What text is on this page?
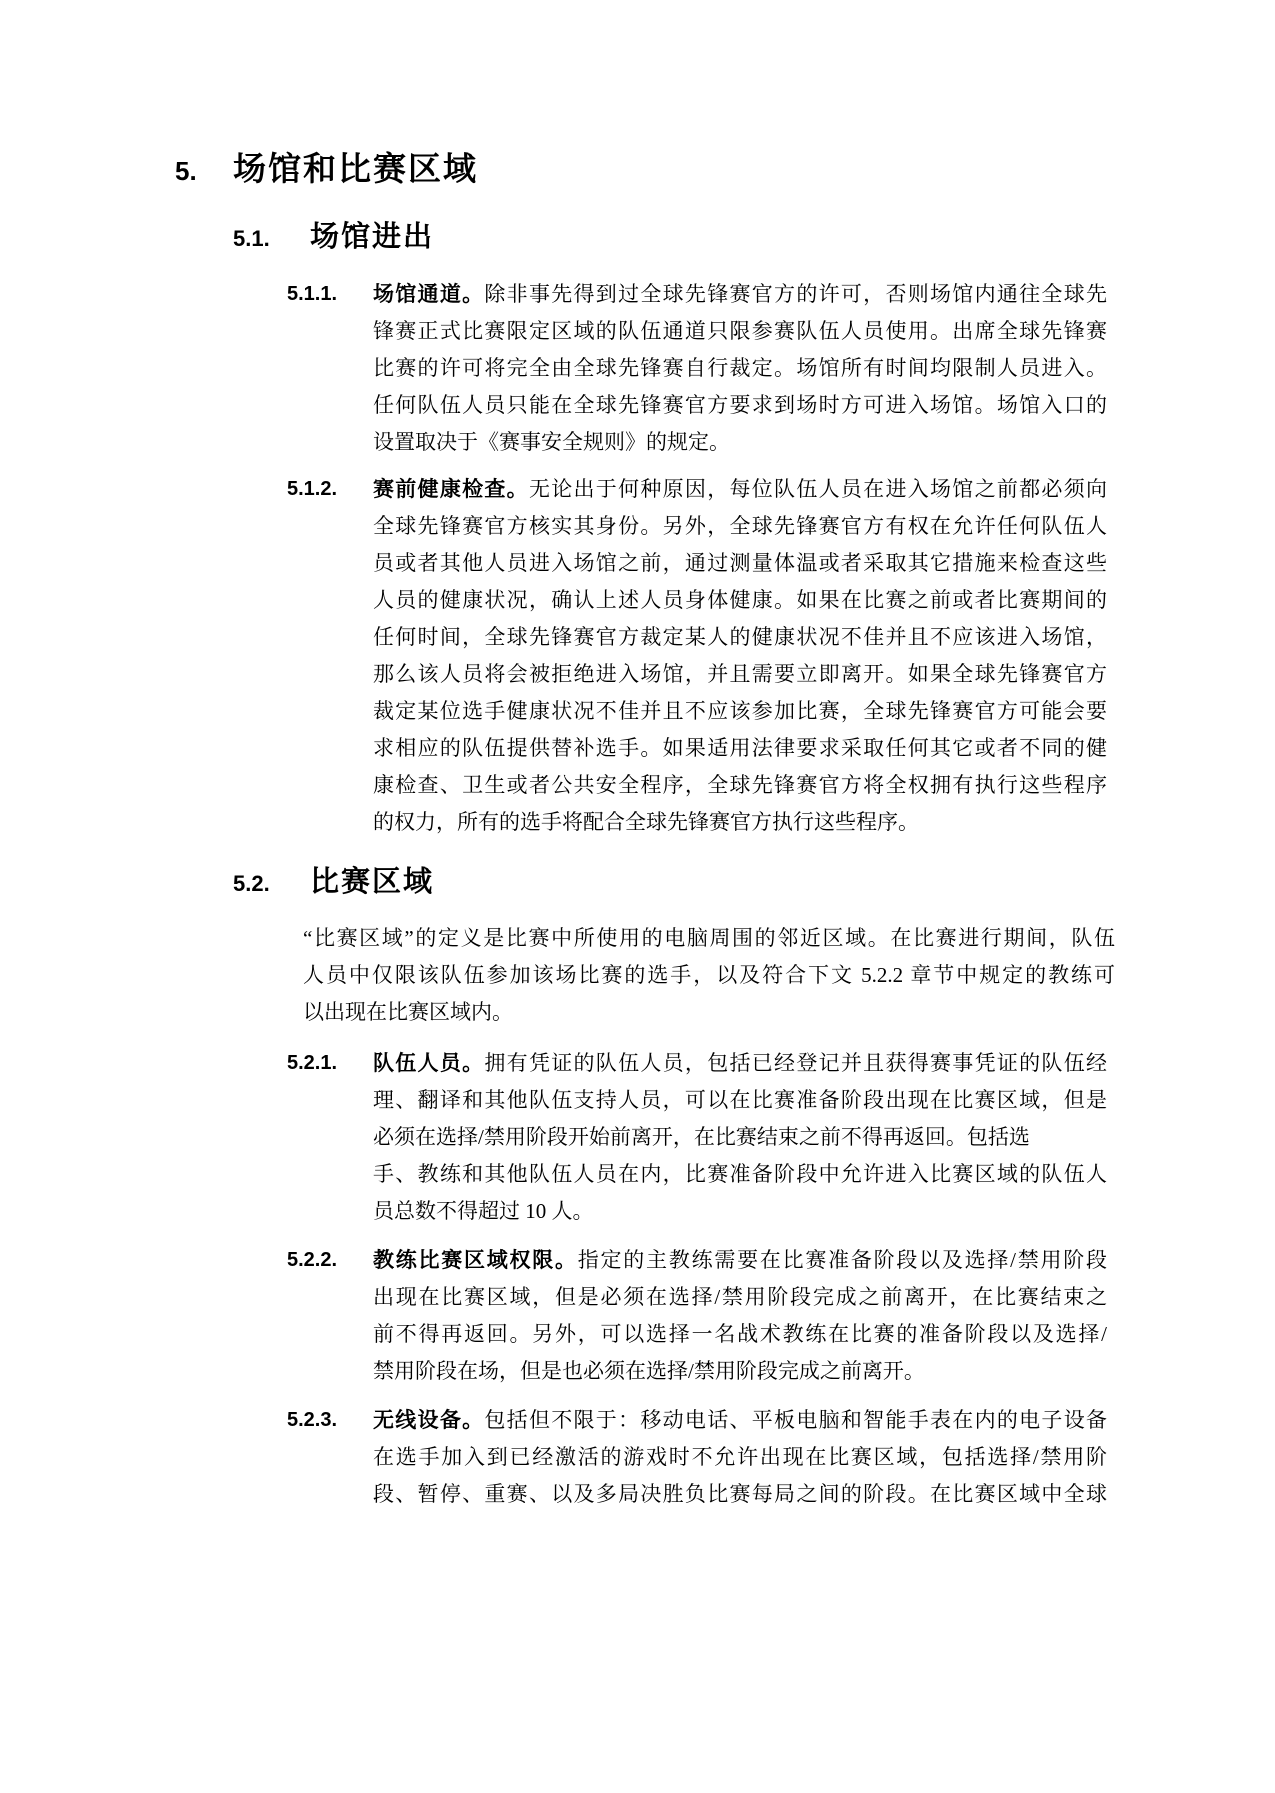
5.	场馆和比赛区域
5.1.	场馆进出
5.1.1.	场馆通道。除非事先得到过全球先锋赛官方的许可，否则场馆内通往全球先
锋赛正式比赛限定区域的队伍通道只限参赛队伍人员使用。出席全球先锋赛
比赛的许可将完全由全球先锋赛自行裁定。场馆所有时间均限制人员进入。
任何队伍人员只能在全球先锋赛官方要求到场时方可进入场馆。场馆入口的
设置取决于《赛事安全规则》的规定。
5.1.2.	赛前健康检查。无论出于何种原因，每位队伍人员在进入场馆之前都必须向
全球先锋赛官方核实其身份。另外，全球先锋赛官方有权在允许任何队伍人
员或者其他人员进入场馆之前，通过测量体温或者采取其它措施来检查这些
人员的健康状况，确认上述人员身体健康。如果在比赛之前或者比赛期间的
任何时间，全球先锋赛官方裁定某人的健康状况不佳并且不应该进入场馆，
那么该人员将会被拒绝进入场馆，并且需要立即离开。如果全球先锋赛官方
裁定某位选手健康状况不佳并且不应该参加比赛，全球先锋赛官方可能会要
求相应的队伍提供替补选手。如果适用法律要求采取任何其它或者不同的健
康检查、卫生或者公共安全程序，全球先锋赛官方将全权拥有执行这些程序
的权力，所有的选手将配合全球先锋赛官方执行这些程序。
5.2.	比赛区域
“比赛区域”的定义是比赛中所使用的电脑周围的邻近区域。在比赛进行期间，队伍
人员中仅限该队伍参加该场比赛的选手，以及符合下文 5.2.2 章节中规定的教练可
以出现在比赛区域内。
5.2.1.	队伍人员。拥有凭证的队伍人员，包括已经登记并且获得赛事凭证的队伍经
理、翻译和其他队伍支持人员，可以在比赛准备阶段出现在比赛区域，但是
必须在选择/禁用阶段开始前离开，在比赛结束之前不得再返回。包括选
手、教练和其他队伍人员在内，比赛准备阶段中允许进入比赛区域的队伍人
员总数不得超过 10 人。
5.2.2.	教练比赛区域权限。指定的主教练需要在比赛准备阶段以及选择/禁用阶段
出现在比赛区域，但是必须在选择/禁用阶段完成之前离开，在比赛结束之
前不得再返回。另外，可以选择一名战术教练在比赛的准备阶段以及选择/
禁用阶段在场，但是也必须在选择/禁用阶段完成之前离开。
5.2.3.	无线设备。包括但不限于：移动电话、平板电脑和智能手表在内的电子设备
在选手加入到已经激活的游戏时不允许出现在比赛区域，包括选择/禁用阶
段、暂停、重赛、以及多局决胜负比赛每局之间的阶段。在比赛区域中全球
